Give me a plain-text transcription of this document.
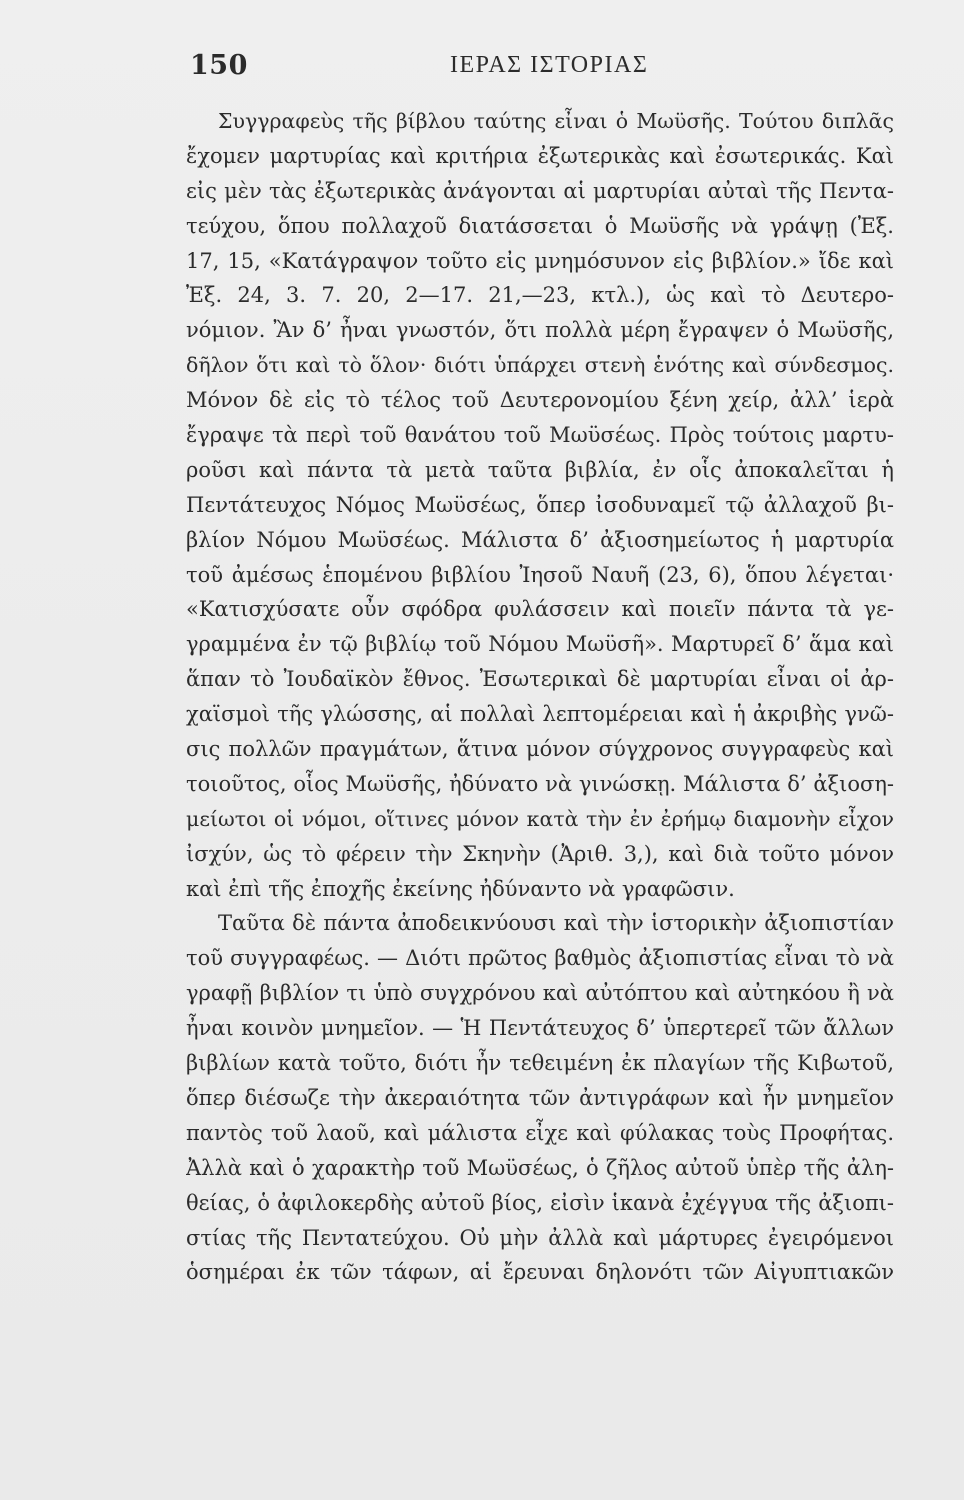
150	ΙΕΡΑΣ ΙΣΤΟΡΙΑΣ
Συγγραφεὺς τῆς βίβλου ταύτης εἶναι ὁ Μωϋσῆς. Τούτου διπλᾶς
ἔχομεν μαρτυρίας καὶ κριτήρια ἐξωτερικὰς καὶ ἐσωτερικάς. Καὶ
εἰς μὲν τὰς ἐξωτερικὰς ἀνάγονται αἱ μαρτυρίαι αὐταὶ τῆς Πεντα-
τεύχου, ὅπου πολλαχοῦ διατάσσεται ὁ Μωϋσῆς νὰ γράψῃ (Ἐξ.
17, 15, «Κατάγραψον τοῦτο εἰς μνημόσυνον εἰς βιβλίον.» ἴδε καὶ
Ἐξ. 24, 3. 7. 20, 2—17. 21,—23, κτλ.), ὡς καὶ τὸ Δευτερο-
νόμιον. Ἂν δ’ ἦναι γνωστόν, ὅτι πολλὰ μέρη ἔγραψεν ὁ Μωϋσῆς,
δῆλον ὅτι καὶ τὸ ὅλον· διότι ὑπάρχει στενὴ ἑνότης καὶ σύνδεσμος.
Μόνον δὲ εἰς τὸ τέλος τοῦ Δευτερονομίου ξένη χείρ, ἀλλ’ ἱερὰ
ἔγραψε τὰ περὶ τοῦ θανάτου τοῦ Μωϋσέως. Πρὸς τούτοις μαρτυ-
ροῦσι καὶ πάντα τὰ μετὰ ταῦτα βιβλία, ἐν οἷς ἀποκαλεῖται ἡ
Πεντάτευχος Νόμος Μωϋσέως, ὅπερ ἰσοδυναμεῖ τῷ ἀλλαχοῦ βι-
βλίον Νόμου Μωϋσέως. Μάλιστα δ’ ἀξιοσημείωτος ἡ μαρτυρία
τοῦ ἀμέσως ἑπομένου βιβλίου Ἰησοῦ Ναυῆ (23, 6), ὅπου λέγεται·
«Κατισχύσατε οὖν σφόδρα φυλάσσειν καὶ ποιεῖν πάντα τὰ γε-
γραμμένα ἐν τῷ βιβλίῳ τοῦ Νόμου Μωϋσῆ». Μαρτυρεῖ δ’ ἅμα καὶ
ἅπαν τὸ Ἰουδαϊκὸν ἔθνος. Ἐσωτερικαὶ δὲ μαρτυρίαι εἶναι οἱ ἀρ-
χαϊσμοὶ τῆς γλώσσης, αἱ πολλαὶ λεπτομέρειαι καὶ ἡ ἀκριβὴς γνῶ-
σις πολλῶν πραγμάτων, ἅτινα μόνον σύγχρονος συγγραφεὺς καὶ
τοιοῦτος, οἷος Μωϋσῆς, ἠδύνατο νὰ γινώσκῃ. Μάλιστα δ’ ἀξιοση-
μείωτοι οἱ νόμοι, οἵτινες μόνον κατὰ τὴν ἐν ἐρήμῳ διαμονὴν εἶχον
ἰσχύν, ὡς τὸ φέρειν τὴν Σκηνὴν (Ἀριθ. 3,), καὶ διὰ τοῦτο μόνον
καὶ ἐπὶ τῆς ἐποχῆς ἐκείνης ἠδύναντο νὰ γραφῶσιν.
Ταῦτα δὲ πάντα ἀποδεικνύουσι καὶ τὴν ἱστορικὴν ἀξιοπιστίαν
τοῦ συγγραφέως. — Διότι πρῶτος βαθμὸς ἀξιοπιστίας εἶναι τὸ νὰ
γραφῇ βιβλίον τι ὑπὸ συγχρόνου καὶ αὐτόπτου καὶ αὐτηκόου ἢ νὰ
ἦναι κοινὸν μνημεῖον. — Ἡ Πεντάτευχος δ’ ὑπερτερεῖ τῶν ἄλλων
βιβλίων κατὰ τοῦτο, διότι ἦν τεθειμένη ἐκ πλαγίων τῆς Κιβωτοῦ,
ὅπερ διέσωζε τὴν ἀκεραιότητα τῶν ἀντιγράφων καὶ ἦν μνημεῖον
παντὸς τοῦ λαοῦ, καὶ μάλιστα εἶχε καὶ φύλακας τοὺς Προφήτας.
Ἀλλὰ καὶ ὁ χαρακτὴρ τοῦ Μωϋσέως, ὁ ζῆλος αὐτοῦ ὑπὲρ τῆς ἀλη-
θείας, ὁ ἀφιλοκερδὴς αὐτοῦ βίος, εἰσὶν ἱκανὰ ἐχέγγυα τῆς ἀξιοπι-
στίας τῆς Πεντατεύχου. Οὐ μὴν ἀλλὰ καὶ μάρτυρες ἐγειρόμενοι
ὁσημέραι ἐκ τῶν τάφων, αἱ ἔρευναι δηλονότι τῶν Αἰγυπτιακῶν
